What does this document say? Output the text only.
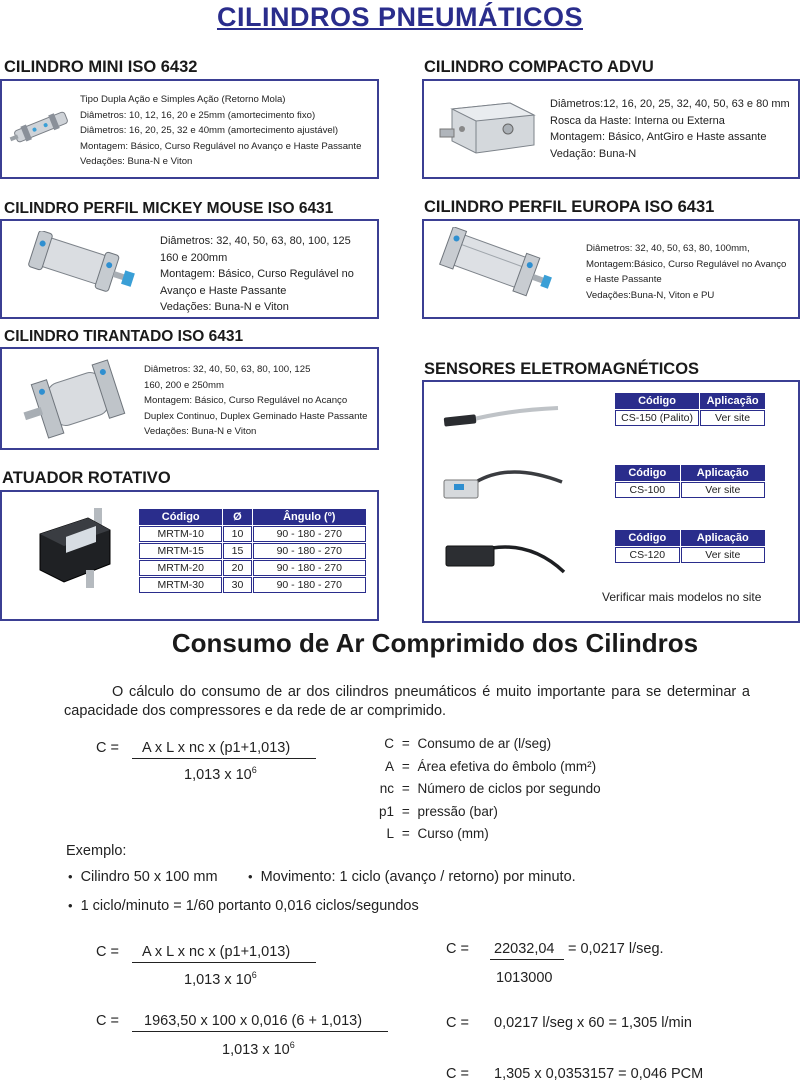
CILINDROS PNEUMÁTICOS
CILINDRO MINI ISO 6432
Tipo Dupla Ação e Simples Ação (Retorno Mola)
Diâmetros: 10, 12, 16, 20 e 25mm (amortecimento fixo)
Diâmetros: 16, 20, 25, 32 e 40mm (amortecimento ajustável)
Montagem: Básico, Curso Regulável no Avanço e Haste Passante
Vedações: Buna-N e Viton
CILINDRO COMPACTO ADVU
Diâmetros:12, 16, 20, 25, 32, 40, 50, 63 e 80 mm
Rosca da Haste: Interna ou Externa
Montagem: Básico, AntGiro e Haste assante
Vedação: Buna-N
CILINDRO PERFIL MICKEY MOUSE ISO 6431
Diâmetros: 32, 40, 50, 63, 80, 100, 125
160 e 200mm
Montagem: Básico, Curso Regulável no
Avanço e Haste Passante
Vedações: Buna-N e Viton
CILINDRO PERFIL EUROPA ISO 6431
Diâmetros: 32, 40, 50, 63, 80, 100mm,
Montagem:Básico, Curso Regulável no Avanço
e Haste Passante
Vedações:Buna-N, Viton e PU
CILINDRO TIRANTADO ISO 6431
Diâmetros: 32, 40, 50, 63, 80, 100, 125
160, 200 e 250mm
Montagem: Básico, Curso Regulável no Acanço
Duplex Continuo, Duplex Geminado Haste Passante
Vedações: Buna-N e Viton
ATUADOR ROTATIVO
Código	Ø	Ângulo (º)
MRTM-10	10	90 - 180 - 270
MRTM-15	15	90 - 180 - 270
MRTM-20	20	90 - 180 - 270
MRTM-30	30	90 - 180 - 270
SENSORES ELETROMAGNÉTICOS
Código	Aplicação
CS-150 (Palito)	Ver site
Código	Aplicação
CS-100	Ver site
Código	Aplicação
CS-120	Ver site
Verificar mais modelos no site
Consumo de Ar Comprimido dos Cilindros
O cálculo do consumo de ar dos cilindros pneumáticos é muito importante para se determinar a capacidade dos compressores e da rede de ar comprimido.
C = A x L x nc x (p1+1,013)
1,013 x $10^6$
C = Consumo de ar (l/seg)
A = Área efetiva do êmbolo (mm²)
nc = Número de ciclos por segundo
p1 = pressão (bar)
L = Curso (mm)
Exemplo:
• Cilindro 50 x 100 mm	• Movimento: 1 ciclo (avanço / retorno) por minuto.
• 1 ciclo/minuto = 1/60 portanto 0,016 ciclos/segundos
C = A x L x nc x (p1+1,013)
1,013 x $10^6$
C = 1963,50 x 100 x 0,016 (6 + 1,013)
1,013 x $10^6$
C = 22032,04 = 0,0217 l/seg.
1013000
C = 0,0217 l/seg x 60 = 1,305 l/min
C = 1,305 x 0,0353157 = 0,046 PCM
